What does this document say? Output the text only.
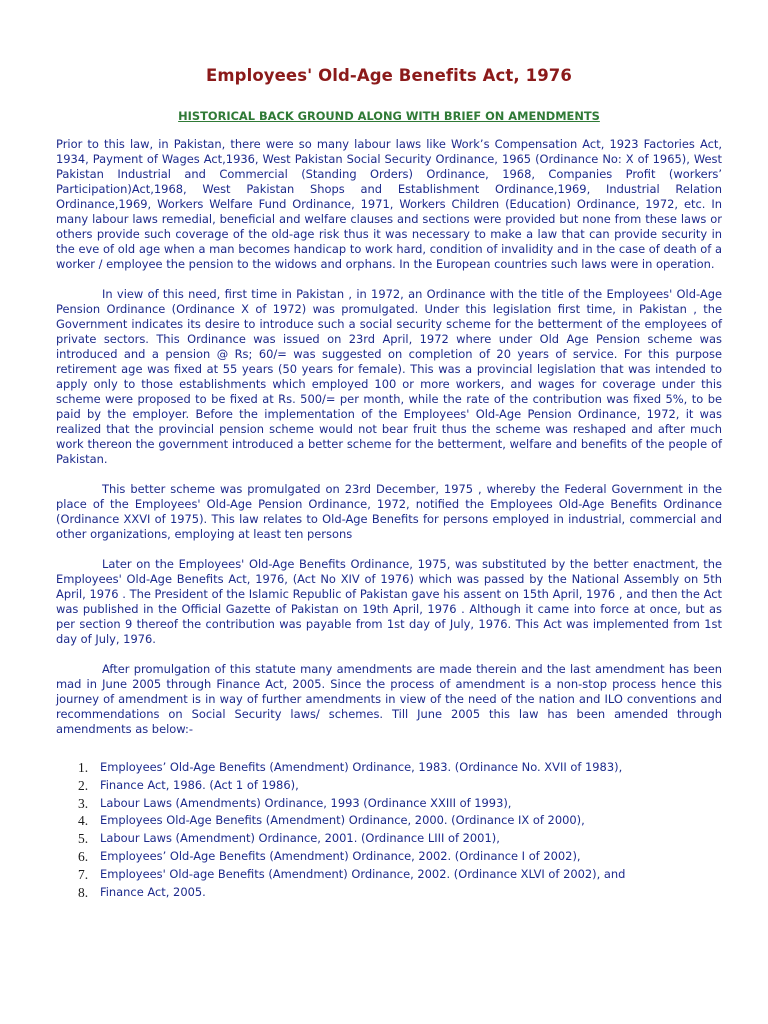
Employees' Old-Age Benefits Act, 1976
HISTORICAL BACK GROUND ALONG WITH BRIEF ON AMENDMENTS

Prior to this law, in Pakistan, there were so many labour laws like Work’s Compensation Act, 1923 Factories Act, 1934, Payment of Wages Act,1936, West Pakistan Social Security Ordinance, 1965 (Ordinance No: X of 1965), West Pakistan Industrial and Commercial (Standing Orders) Ordinance, 1968, Companies Profit (workers’ Participation)Act,1968, West Pakistan Shops and Establishment Ordinance,1969, Industrial Relation Ordinance,1969, Workers Welfare Fund Ordinance, 1971, Workers Children (Education) Ordinance, 1972, etc. In many labour laws remedial, beneficial and welfare clauses and sections were provided but none from these laws or others provide such coverage of the old-age risk thus it was necessary to make a law that can provide security in the eve of old age when a man becomes handicap to work hard, condition of invalidity and in the case of death of a worker / employee the pension to the widows and orphans. In the European countries such laws were in operation.

In view of this need, first time in Pakistan , in 1972, an Ordinance with the title of the Employees' Old-Age Pension Ordinance (Ordinance X of 1972) was promulgated. Under this legislation first time, in Pakistan , the Government indicates its desire to introduce such a social security scheme for the betterment of the employees of private sectors. This Ordinance was issued on 23rd April, 1972 where under Old Age Pension scheme was introduced and a pension @ Rs; 60/= was suggested on completion of 20 years of service. For this purpose retirement age was fixed at 55 years (50 years for female). This was a provincial legislation that was intended to apply only to those establishments which employed 100 or more workers, and wages for coverage under this scheme were proposed to be fixed at Rs. 500/= per month, while the rate of the contribution was fixed 5%, to be paid by the employer. Before the implementation of the Employees' Old-Age Pension Ordinance, 1972, it was realized that the provincial pension scheme would not bear fruit thus the scheme was reshaped and after much work thereon the government introduced a better scheme for the betterment, welfare and benefits of the people of Pakistan.

This better scheme was promulgated on 23rd December, 1975 , whereby the Federal Government in the place of the Employees' Old-Age Pension Ordinance, 1972, notified the Employees Old-Age Benefits Ordinance (Ordinance XXVI of 1975). This law relates to Old-Age Benefits for persons employed in industrial, commercial and other organizations, employing at least ten persons

Later on the Employees' Old-Age Benefits Ordinance, 1975, was substituted by the better enactment, the Employees' Old-Age Benefits Act, 1976, (Act No XIV of 1976) which was passed by the National Assembly on 5th April, 1976 . The President of the Islamic Republic of Pakistan gave his assent on 15th April, 1976 , and then the Act was published in the Official Gazette of Pakistan on 19th April, 1976 . Although it came into force at once, but as per section 9 thereof the contribution was payable from 1st day of July, 1976. This Act was implemented from 1st day of July, 1976.

After promulgation of this statute many amendments are made therein and the last amendment has been mad in June 2005 through Finance Act, 2005. Since the process of amendment is a non-stop process hence this journey of amendment is in way of further amendments in view of the need of the nation and ILO conventions and recommendations on Social Security laws/ schemes. Till June 2005 this law has been amended through amendments as below:-

1.	Employees’ Old-Age Benefits (Amendment) Ordinance, 1983. (Ordinance No. XVII of 1983),
2.	Finance Act, 1986. (Act 1 of 1986),
3.	Labour Laws (Amendments) Ordinance, 1993 (Ordinance XXIII of 1993),
4.	Employees Old-Age Benefits (Amendment) Ordinance, 2000. (Ordinance IX of 2000),
5.	Labour Laws (Amendment) Ordinance, 2001. (Ordinance LIII of 2001),
6.	Employees’ Old-Age Benefits (Amendment) Ordinance, 2002. (Ordinance I of 2002),
7.	Employees' Old-age Benefits (Amendment) Ordinance, 2002. (Ordinance XLVI of 2002), and
8.	Finance Act, 2005.
